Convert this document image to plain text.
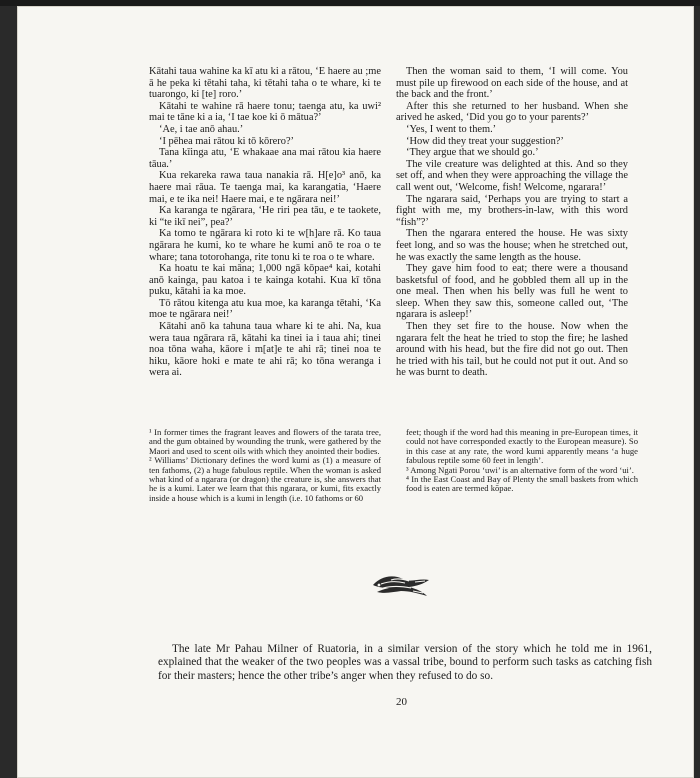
Kātahi taua wahine ka kī atu ki a rātou, ‘E haere au ;me ā he peka ki tētahi taha, ki tētahi taha o te whare, ki te tuarongo, ki [te] roro.’

Kātahi te wahine rā haere tonu; taenga atu, ka uwi² mai te tāne ki a ia, ‘I tae koe ki ō mātua?’

‘Ae, i tae anō ahau.’

‘I pēhea mai rātou ki tō kōrero?’

Tana kīinga atu, ‘E whakaae ana mai rātou kia haere tāua.’

Kua rekareka rawa taua nanakia rā. H[e]o³ anō, ka haere mai rāua. Te taenga mai, ka karangatia, ‘Haere mai, e te ika nei! Haere mai, e te ngārara nei!’

Ka karanga te ngārara, ‘He riri pea tāu, e te taokete, ki “te ikī nei”, pea?’

Ka tomo te ngārara ki roto ki te w[h]are rā. Ko taua ngārara he kumi, ko te whare he kumi anō te roa o te whare; tana totorohanga, rite tonu ki te roa o te whare.

Ka hoatu te kai māna; 1,000 ngā kōpae⁴ kai, kotahi anō kainga, pau katoa i te kainga kotahi. Kua kī tōna puku, kātahi ia ka moe.

Tō rātou kitenga atu kua moe, ka karanga tētahi, ‘Ka moe te ngārara nei!’

Kātahi anō ka tahuna taua whare ki te ahi. Na, kua wera taua ngārara rā, kātahi ka tinei ia i taua ahi; tinei noa tōna waha, kāore i m[at]e te ahi rā; tinei noa te hiku, kāore hoki e mate te ahi rā; ko tōna weranga i wera ai.

Then the woman said to them, ‘I will come. You must pile up firewood on each side of the house, and at the back and the front.’

After this she returned to her husband. When she arived he asked, ‘Did you go to your parents?’

‘Yes, I went to them.’

‘How did they treat your suggestion?’

‘They argue that we should go.’

The vile creature was delighted at this. And so they set off, and when they were approaching the village the call went out, ‘Welcome, fish! Welcome, ngarara!’

The ngarara said, ‘Perhaps you are trying to start a fight with me, my brothers-in-law, with this word “fish”?’

Then the ngarara entered the house. He was sixty feet long, and so was the house; when he stretched out, he was exactly the same length as the house.

They gave him food to eat; there were a thousand basketsful of food, and he gobbled them all up in the one meal. Then when his belly was full he went to sleep. When they saw this, someone called out, ‘The ngarara is asleep!’

Then they set fire to the house. Now when the ngarara felt the heat he tried to stop the fire; he lashed around with his head, but the fire did not go out. Then he tried with his tail, but he could not put it out. And so he was burnt to death.

¹ In former times the fragrant leaves and flowers of the tarata tree, and the gum obtained by wounding the trunk, were gathered by the Maori and used to scent oils with which they anointed their bodies.

² Williams’ Dictionary defines the word kumi as (1) a measure of ten fathoms, (2) a huge fabulous reptile. When the woman is asked what kind of a ngarara (or dragon) the creature is, she answers that he is a kumi. Later we learn that this ngarara, or kumi, fits exactly inside a house which is a kumi in length (i.e. 10 fathoms or 60

feet; though if the word had this meaning in pre-European times, it could not have corresponded exactly to the European measure). So in this case at any rate, the word kumi apparently means ‘a huge fabulous reptile some 60 feet in length’.

³ Among Ngati Porou ‘uwi’ is an alternative form of the word ‘ui’.

⁴ In the East Coast and Bay of Plenty the small baskets from which food is eaten are termed kōpae.

The late Mr Pahau Milner of Ruatoria, in a similar version of the story which he told me in 1961, explained that the weaker of the two peoples was a vassal tribe, bound to perform such tasks as catching fish for their masters; hence the other tribe’s anger when they refused to do so.

20
